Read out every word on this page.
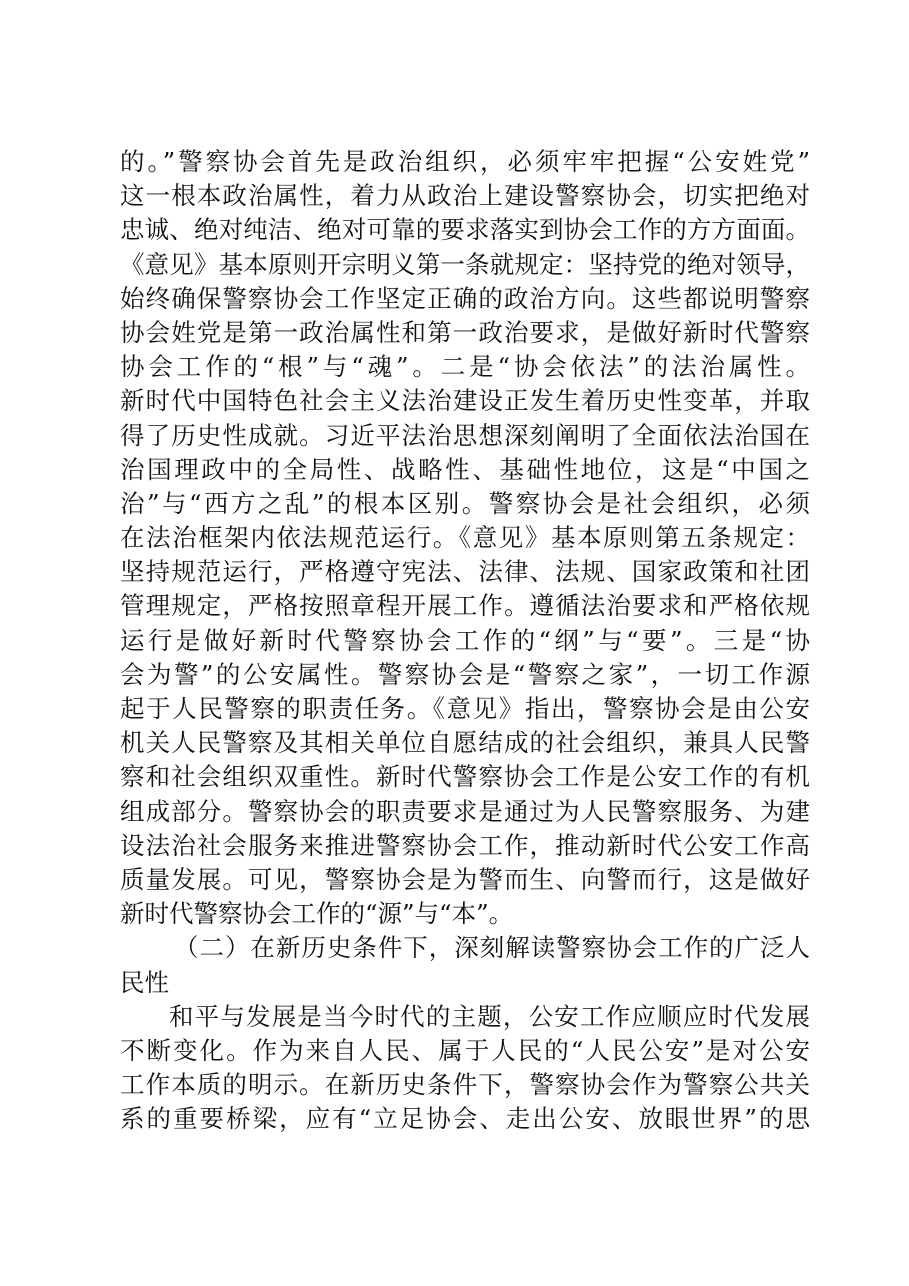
的。”警察协会首先是政治组织，必须牢牢把握“公安姓党”
这一根本政治属性，着力从政治上建设警察协会，切实把绝对
忠诚、绝对纯洁、绝对可靠的要求落实到协会工作的方方面面。
《意见》基本原则开宗明义第一条就规定：坚持党的绝对领导，
始终确保警察协会工作坚定正确的政治方向。这些都说明警察
协会姓党是第一政治属性和第一政治要求，是做好新时代警察
协会工作的“根”与“魂”。二是“协会依法”的法治属性。
新时代中国特色社会主义法治建设正发生着历史性变革，并取
得了历史性成就。习近平法治思想深刻阐明了全面依法治国在
治国理政中的全局性、战略性、基础性地位，这是“中国之
治”与“西方之乱”的根本区别。警察协会是社会组织，必须
在法治框架内依法规范运行。《意见》基本原则第五条规定：
坚持规范运行，严格遵守宪法、法律、法规、国家政策和社团
管理规定，严格按照章程开展工作。遵循法治要求和严格依规
运行是做好新时代警察协会工作的“纲”与“要”。三是“协
会为警”的公安属性。警察协会是“警察之家”，一切工作源
起于人民警察的职责任务。《意见》指出，警察协会是由公安
机关人民警察及其相关单位自愿结成的社会组织，兼具人民警
察和社会组织双重性。新时代警察协会工作是公安工作的有机
组成部分。警察协会的职责要求是通过为人民警察服务、为建
设法治社会服务来推进警察协会工作，推动新时代公安工作高
质量发展。可见，警察协会是为警而生、向警而行，这是做好
新时代警察协会工作的“源”与“本”。
（二）在新历史条件下，深刻解读警察协会工作的广泛人
民性
和平与发展是当今时代的主题，公安工作应顺应时代发展
不断变化。作为来自人民、属于人民的“人民公安”是对公安
工作本质的明示。在新历史条件下，警察协会作为警察公共关
系的重要桥梁，应有“立足协会、走出公安、放眼世界”的思
